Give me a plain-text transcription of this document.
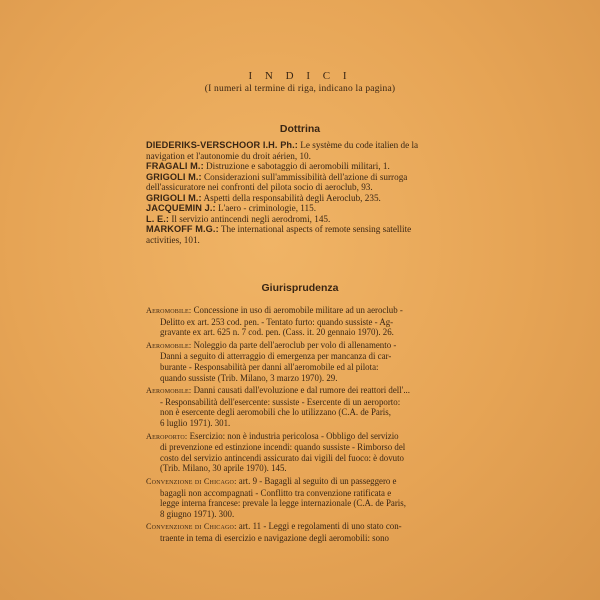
I N D I C I
(I numeri al termine di riga, indicano la pagina)
Dottrina

DIEDERIKS-VERSCHOOR I.H. Ph.: Le système du code italien de la
navigation et l'autonomie du droit aérien, 10.

FRAGALI M.: Distruzione e sabotaggio di aeromobili militari, 1.

GRIGOLI M.: Considerazioni sull'ammissibilità dell'azione di surroga
dell'assicuratore nei confronti del pilota socio di aeroclub, 93.

GRIGOLI M.: Aspetti della responsabilità degli Aeroclub, 235.

JACQUEMIN J.: L'aero - criminologie, 115.

L. E.: Il servizio antincendi negli aerodromi, 145.

MARKOFF M.G.: The international aspects of remote sensing satellite
activities, 101.

Giurisprudenza

Aeromobile: Concessione in uso di aeromobile militare ad un aeroclub -
Delitto ex art. 253 cod. pen. - Tentato furto: quando sussiste - Ag-
gravante ex art. 625 n. 7 cod. pen. (Cass. it. 20 gennaio 1970). 26.

Aeromobile: Noleggio da parte dell'aeroclub per volo di allenamento -
Danni a seguito di atterraggio di emergenza per mancanza di car-
burante - Responsabilità per danni all'aeromobile ed al pilota:
quando sussiste (Trib. Milano, 3 marzo 1970). 29.

Aeromobile: Danni causati dall'evoluzione e dal rumore dei reattori dell'...
- Responsabilità dell'esercente: sussiste - Esercente di un aeroporto:
non è esercente degli aeromobili che lo utilizzano (C.A. de Paris,
6 luglio 1971). 301.

Aeroporto: Esercizio: non è industria pericolosa - Obbligo del servizio
di prevenzione ed estinzione incendi: quando sussiste - Rimborso del
costo del servizio antincendi assicurato dai vigili del fuoco: è dovuto
(Trib. Milano, 30 aprile 1970). 145.

Convenzione di Chicago: art. 9 - Bagagli al seguito di un passeggero e
bagagli non accompagnati - Conflitto tra convenzione ratificata e
legge interna francese: prevale la legge internazionale (C.A. de Paris,
8 giugno 1971). 300.

Convenzione di Chicago: art. 11 - Leggi e regolamenti di uno stato con-
traente in tema di esercizio e navigazione degli aeromobili: sono
